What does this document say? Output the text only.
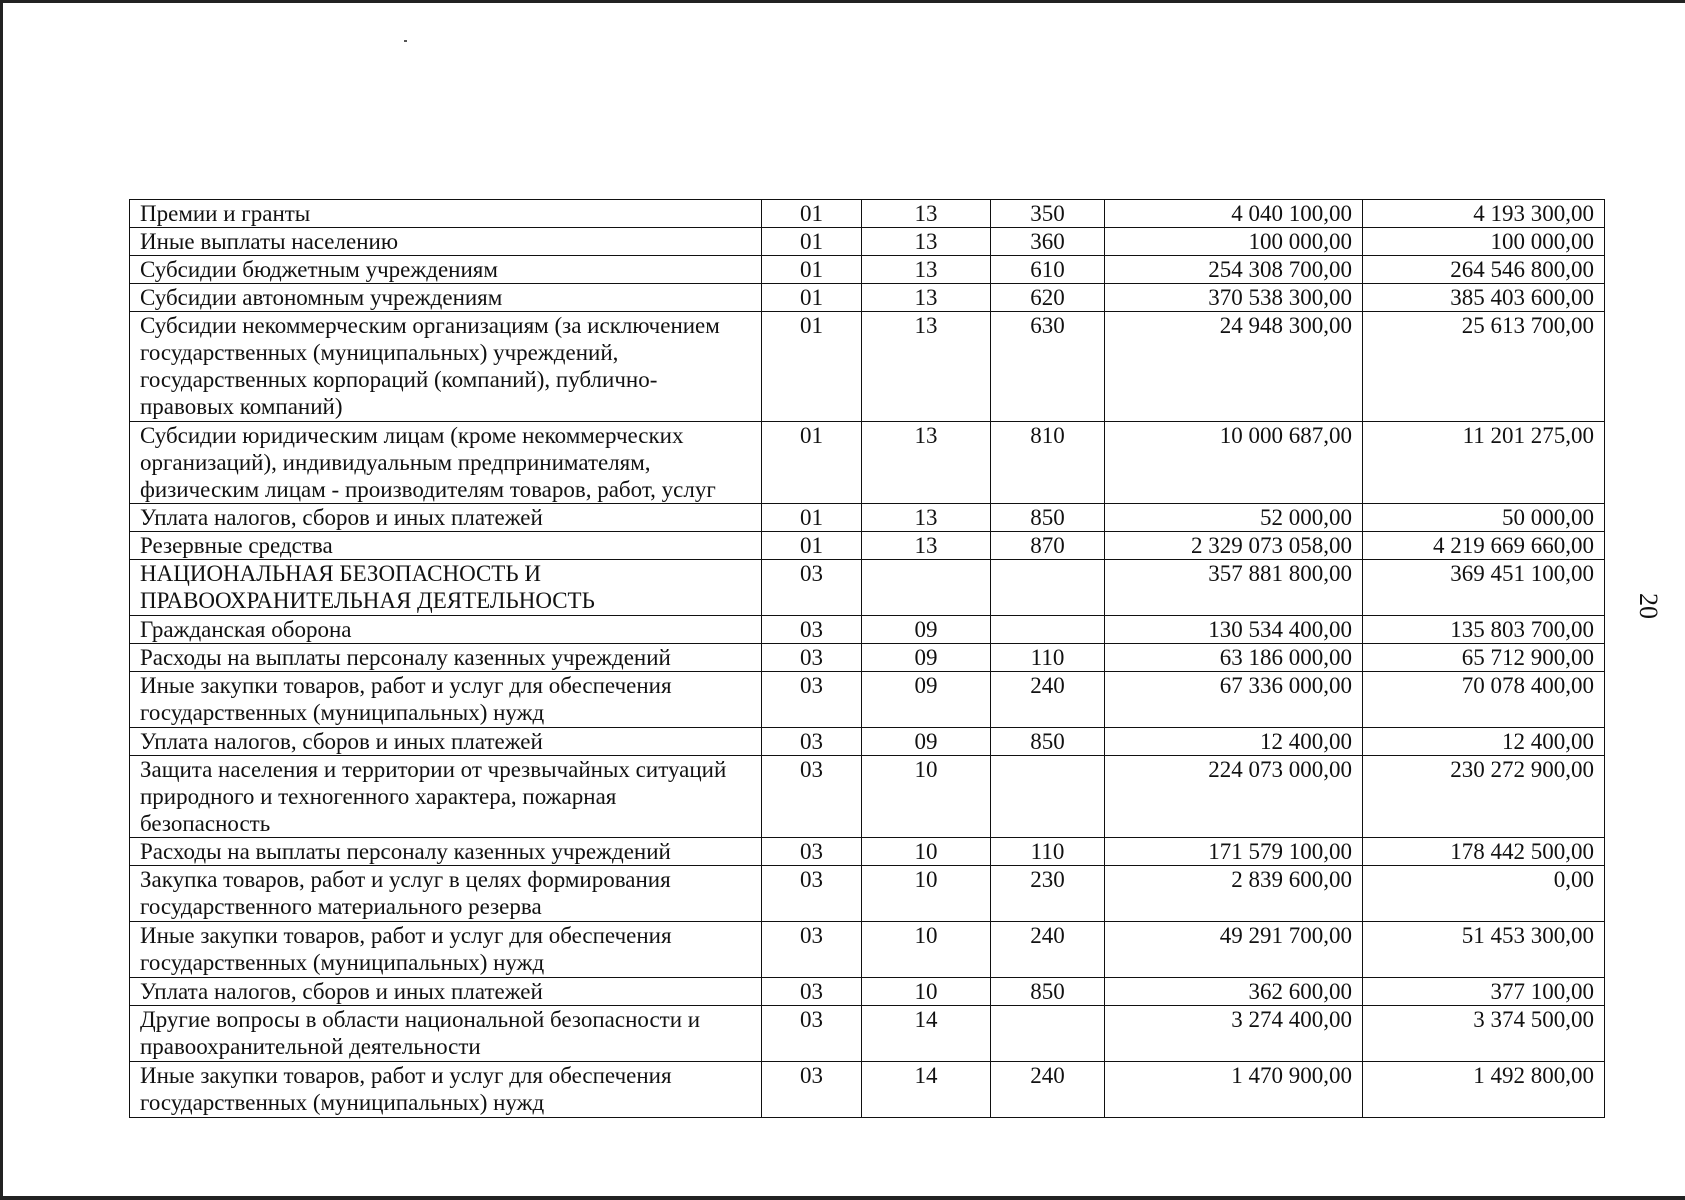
20
Премии и гранты	01	13	350	4 040 100,00	4 193 300,00
Иные выплаты населению	01	13	360	100 000,00	100 000,00
Субсидии бюджетным учреждениям	01	13	610	254 308 700,00	264 546 800,00
Субсидии автономным учреждениям	01	13	620	370 538 300,00	385 403 600,00
Субсидии некоммерческим организациям (за исключением государственных (муниципальных) учреждений, государственных корпораций (компаний), публично-правовых компаний)	01	13	630	24 948 300,00	25 613 700,00
Субсидии юридическим лицам (кроме некоммерческих организаций), индивидуальным предпринимателям, физическим лицам - производителям товаров, работ, услуг	01	13	810	10 000 687,00	11 201 275,00
Уплата налогов, сборов и иных платежей	01	13	850	52 000,00	50 000,00
Резервные средства	01	13	870	2 329 073 058,00	4 219 669 660,00
НАЦИОНАЛЬНАЯ БЕЗОПАСНОСТЬ И ПРАВООХРАНИТЕЛЬНАЯ ДЕЯТЕЛЬНОСТЬ	03			357 881 800,00	369 451 100,00
Гражданская оборона	03	09		130 534 400,00	135 803 700,00
Расходы на выплаты персоналу казенных учреждений	03	09	110	63 186 000,00	65 712 900,00
Иные закупки товаров, работ и услуг для обеспечения государственных (муниципальных) нужд	03	09	240	67 336 000,00	70 078 400,00
Уплата налогов, сборов и иных платежей	03	09	850	12 400,00	12 400,00
Защита населения и территории от чрезвычайных ситуаций природного и техногенного характера, пожарная безопасность	03	10		224 073 000,00	230 272 900,00
Расходы на выплаты персоналу казенных учреждений	03	10	110	171 579 100,00	178 442 500,00
Закупка товаров, работ и услуг в целях формирования государственного материального резерва	03	10	230	2 839 600,00	0,00
Иные закупки товаров, работ и услуг для обеспечения государственных (муниципальных) нужд	03	10	240	49 291 700,00	51 453 300,00
Уплата налогов, сборов и иных платежей	03	10	850	362 600,00	377 100,00
Другие вопросы в области национальной безопасности и правоохранительной деятельности	03	14		3 274 400,00	3 374 500,00
Иные закупки товаров, работ и услуг для обеспечения государственных (муниципальных) нужд	03	14	240	1 470 900,00	1 492 800,00
